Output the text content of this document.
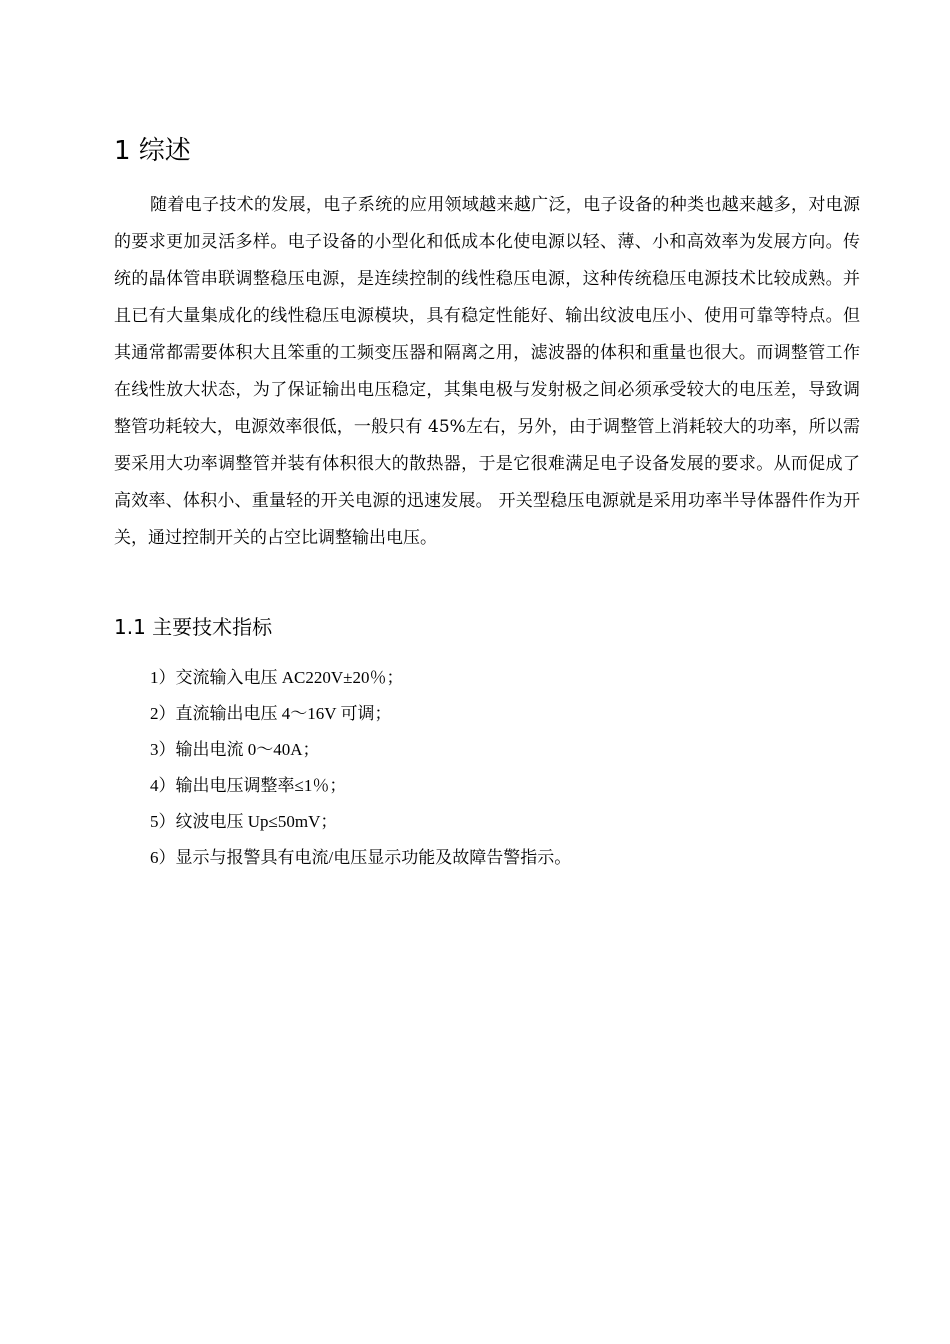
1 综述

随着电子技术的发展，电子系统的应用领域越来越广泛，电子设备的种类也越来越多，对电源的要求更加灵活多样。电子设备的小型化和低成本化使电源以轻、薄、小和高效率为发展方向。传统的晶体管串联调整稳压电源，是连续控制的线性稳压电源，这种传统稳压电源技术比较成熟。并且已有大量集成化的线性稳压电源模块，具有稳定性能好、输出纹波电压小、使用可靠等特点。但其通常都需要体积大且笨重的工频变压器和隔离之用，滤波器的体积和重量也很大。而调整管工作在线性放大状态，为了保证输出电压稳定，其集电极与发射极之间必须承受较大的电压差，导致调整管功耗较大，电源效率很低，一般只有 45%左右，另外，由于调整管上消耗较大的功率，所以需要采用大功率调整管并装有体积很大的散热器，于是它很难满足电子设备发展的要求。从而促成了高效率、体积小、重量轻的开关电源的迅速发展。 开关型稳压电源就是采用功率半导体器件作为开关，通过控制开关的占空比调整输出电压。

1.1 主要技术指标
1）交流输入电压 AC220V±20％；
2）直流输出电压 4～16V 可调；
3）输出电流 0～40A；
4）输出电压调整率≤1％；
5）纹波电压 Up≤50mV；
6）显示与报警具有电流/电压显示功能及故障告警指示。
